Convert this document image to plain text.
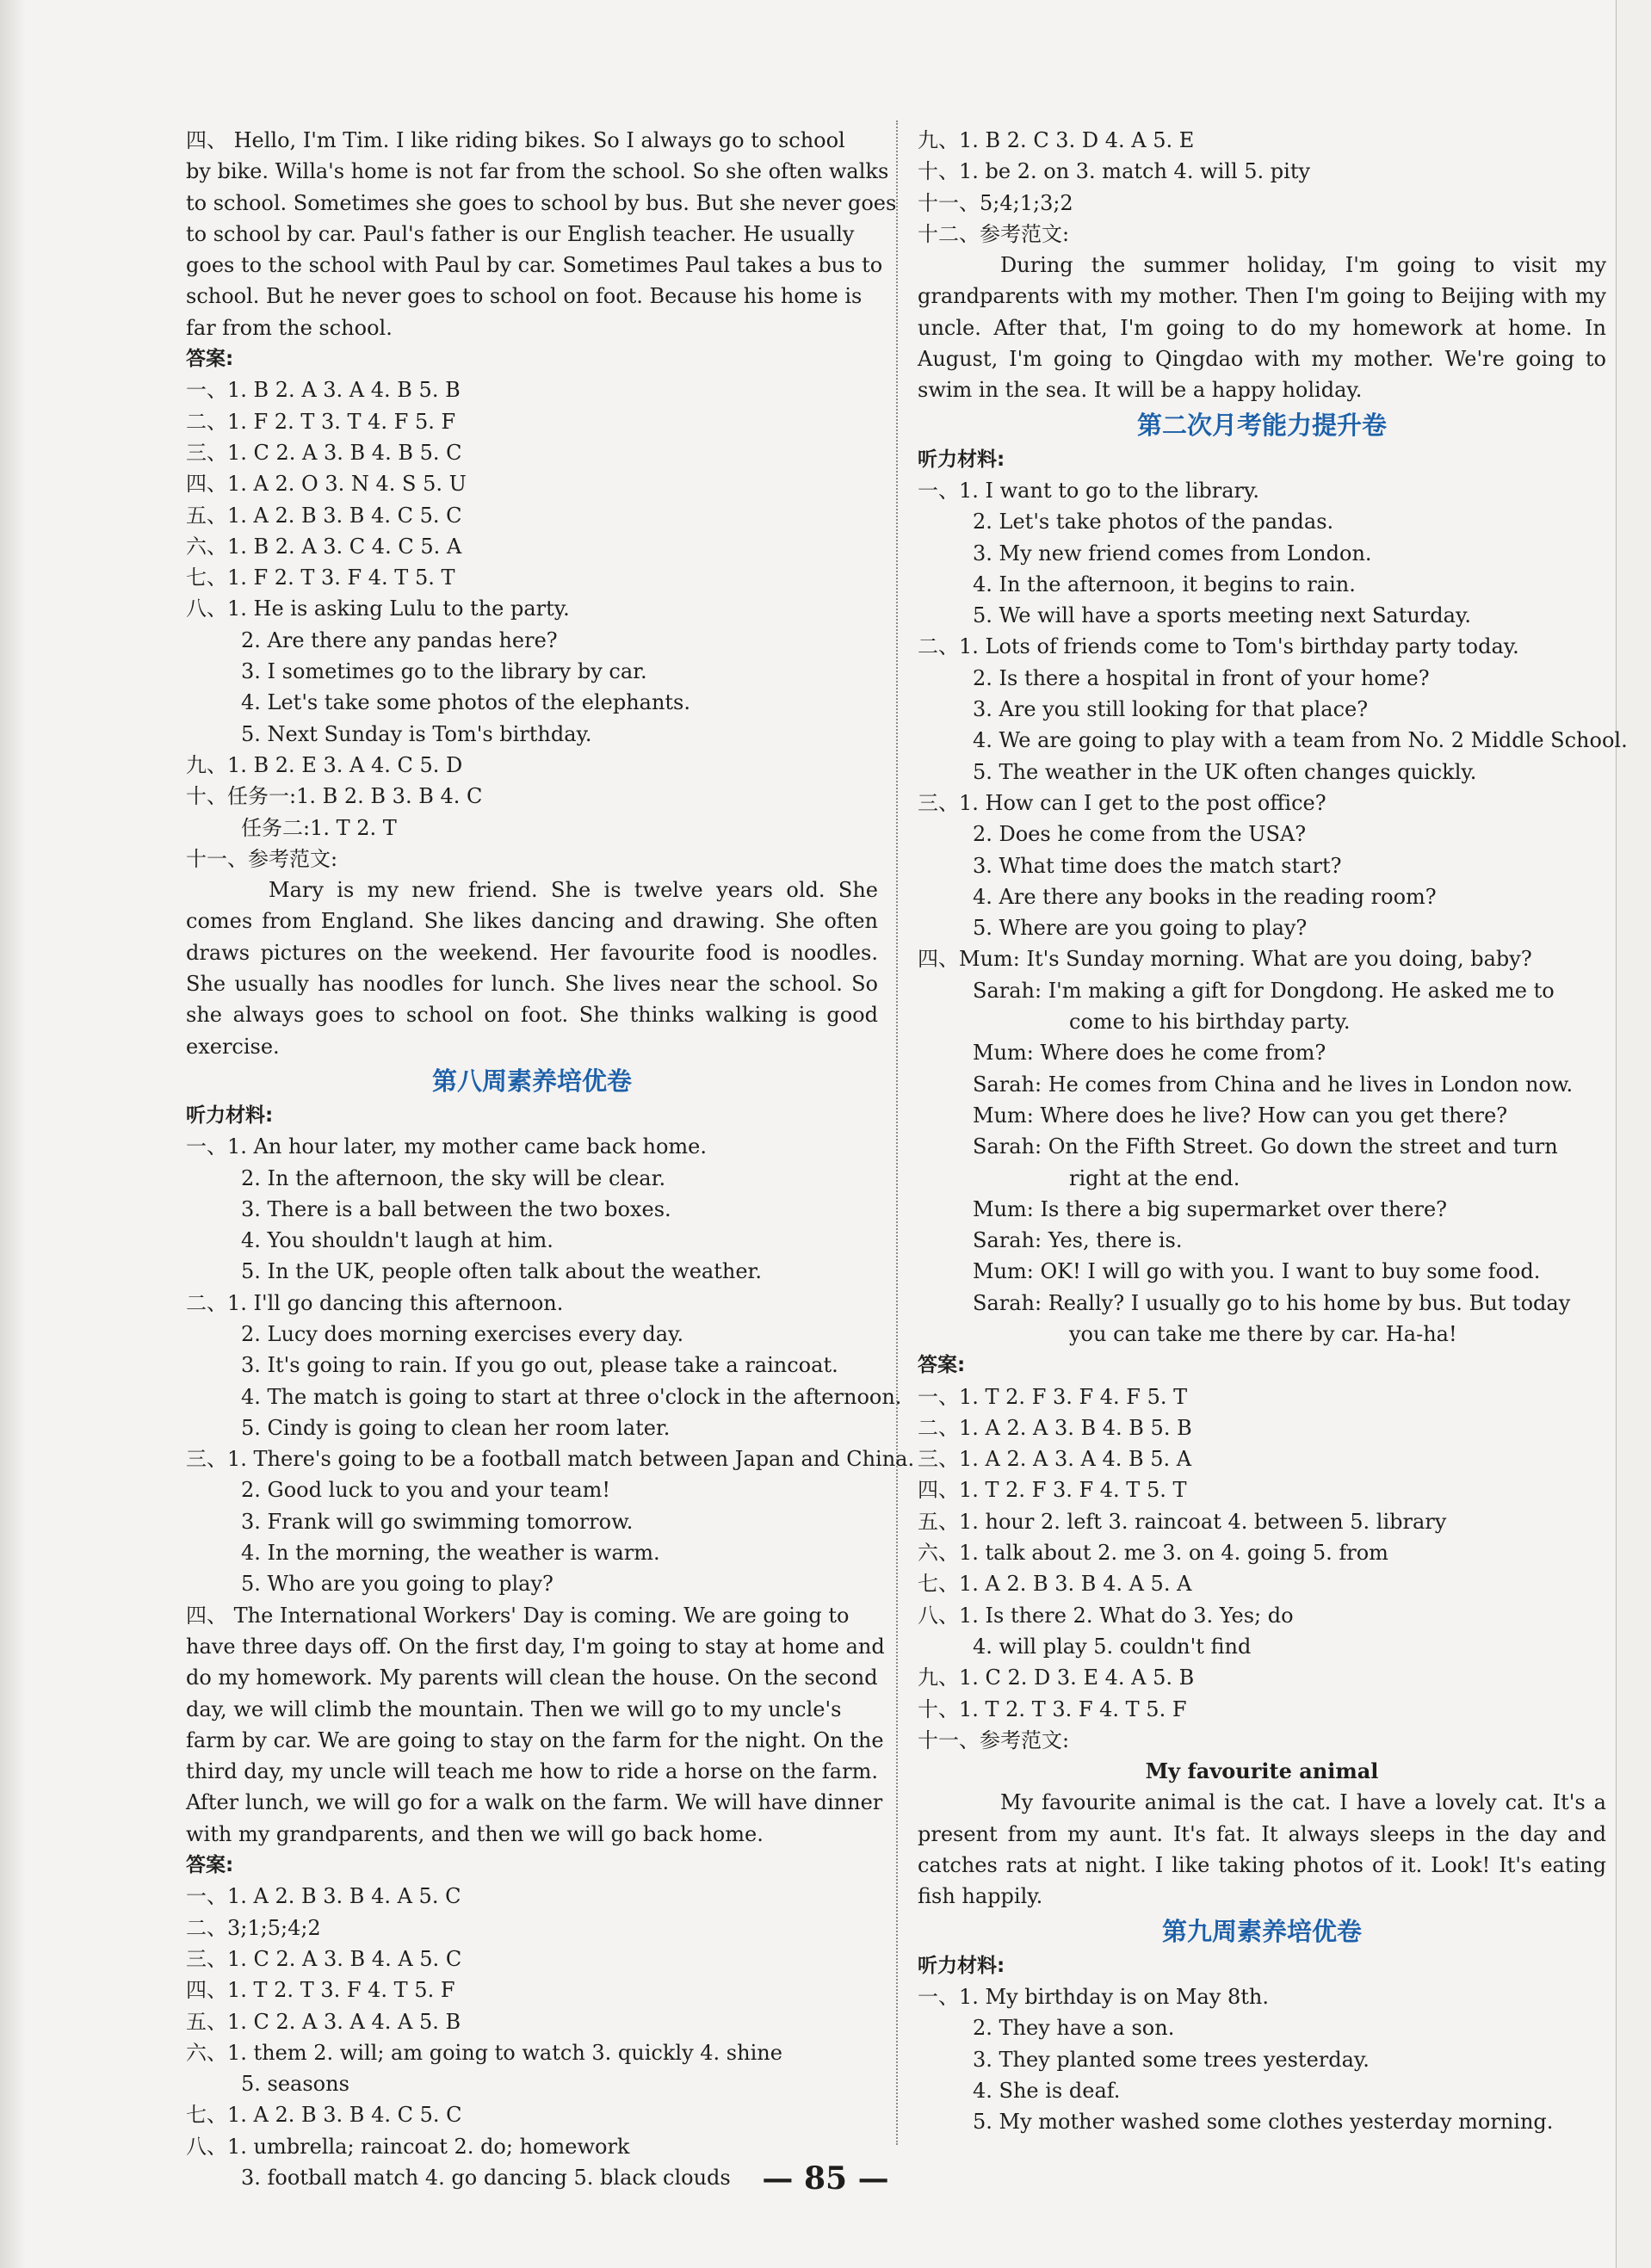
四、 Hello, I'm Tim. I like riding bikes. So I always go to school
by bike. Willa's home is not far from the school. So she often walks
to school. Sometimes she goes to school by bus. But she never goes
to school by car. Paul's father is our English teacher. He usually
goes to the school with Paul by car. Sometimes Paul takes a bus to
school. But he never goes to school on foot. Because his home is
far from the school.
答案:
一、1. B 2. A 3. A 4. B 5. B
二、1. F 2. T 3. T 4. F 5. F
三、1. C 2. A 3. B 4. B 5. C
四、1. A 2. O 3. N 4. S 5. U
五、1. A 2. B 3. B 4. C 5. C
六、1. B 2. A 3. C 4. C 5. A
七、1. F 2. T 3. F 4. T 5. T
八、1. He is asking Lulu to the party.
2. Are there any pandas here?
3. I sometimes go to the library by car.
4. Let's take some photos of the elephants.
5. Next Sunday is Tom's birthday.
九、1. B 2. E 3. A 4. C 5. D
十、任务一:1. B 2. B 3. B 4. C
任务二:1. T 2. T
十一、参考范文:
Mary is my new friend. She is twelve years old. She comes from England. She likes dancing and drawing. She often draws pictures on the weekend. Her favourite food is noodles. She usually has noodles for lunch. She lives near the school. So she always goes to school on foot. She thinks walking is good exercise.
第八周素养培优卷
听力材料:
一、1. An hour later, my mother came back home.
2. In the afternoon, the sky will be clear.
3. There is a ball between the two boxes.
4. You shouldn't laugh at him.
5. In the UK, people often talk about the weather.
二、1. I'll go dancing this afternoon.
2. Lucy does morning exercises every day.
3. It's going to rain. If you go out, please take a raincoat.
4. The match is going to start at three o'clock in the afternoon.
5. Cindy is going to clean her room later.
三、1. There's going to be a football match between Japan and China.
2. Good luck to you and your team!
3. Frank will go swimming tomorrow.
4. In the morning, the weather is warm.
5. Who are you going to play?
四、 The International Workers' Day is coming. We are going to
have three days off. On the first day, I'm going to stay at home and
do my homework. My parents will clean the house. On the second
day, we will climb the mountain. Then we will go to my uncle's
farm by car. We are going to stay on the farm for the night. On the
third day, my uncle will teach me how to ride a horse on the farm.
After lunch, we will go for a walk on the farm. We will have dinner
with my grandparents, and then we will go back home.
答案:
一、1. A 2. B 3. B 4. A 5. C
二、3;1;5;4;2
三、1. C 2. A 3. B 4. A 5. C
四、1. T 2. T 3. F 4. T 5. F
五、1. C 2. A 3. A 4. A 5. B
六、1. them 2. will; am going to watch 3. quickly 4. shine
5. seasons
七、1. A 2. B 3. B 4. C 5. C
八、1. umbrella; raincoat 2. do; homework
3. football match 4. go dancing 5. black clouds
九、1. B 2. C 3. D 4. A 5. E
十、1. be 2. on 3. match 4. will 5. pity
十一、5;4;1;3;2
十二、参考范文:
During the summer holiday, I'm going to visit my grandparents with my mother. Then I'm going to Beijing with my uncle. After that, I'm going to do my homework at home. In August, I'm going to Qingdao with my mother. We're going to swim in the sea. It will be a happy holiday.
第二次月考能力提升卷
听力材料:
一、1. I want to go to the library.
2. Let's take photos of the pandas.
3. My new friend comes from London.
4. In the afternoon, it begins to rain.
5. We will have a sports meeting next Saturday.
二、1. Lots of friends come to Tom's birthday party today.
2. Is there a hospital in front of your home?
3. Are you still looking for that place?
4. We are going to play with a team from No. 2 Middle School.
5. The weather in the UK often changes quickly.
三、1. How can I get to the post office?
2. Does he come from the USA?
3. What time does the match start?
4. Are there any books in the reading room?
5. Where are you going to play?
四、Mum: It's Sunday morning. What are you doing, baby?
Sarah: I'm making a gift for Dongdong. He asked me to come to his birthday party.
Mum: Where does he come from?
Sarah: He comes from China and he lives in London now.
Mum: Where does he live? How can you get there?
Sarah: On the Fifth Street. Go down the street and turn right at the end.
Mum: Is there a big supermarket over there?
Sarah: Yes, there is.
Mum: OK! I will go with you. I want to buy some food.
Sarah: Really? I usually go to his home by bus. But today you can take me there by car. Ha-ha!
答案:
一、1. T 2. F 3. F 4. F 5. T
二、1. A 2. A 3. B 4. B 5. B
三、1. A 2. A 3. A 4. B 5. A
四、1. T 2. F 3. F 4. T 5. T
五、1. hour 2. left 3. raincoat 4. between 5. library
六、1. talk about 2. me 3. on 4. going 5. from
七、1. A 2. B 3. B 4. A 5. A
八、1. Is there 2. What do 3. Yes; do
4. will play 5. couldn't find
九、1. C 2. D 3. E 4. A 5. B
十、1. T 2. T 3. F 4. T 5. F
十一、参考范文:
My favourite animal
My favourite animal is the cat. I have a lovely cat. It's a present from my aunt. It's fat. It always sleeps in the day and catches rats at night. I like taking photos of it. Look! It's eating fish happily.
第九周素养培优卷
听力材料:
一、1. My birthday is on May 8th.
2. They have a son.
3. They planted some trees yesterday.
4. She is deaf.
5. My mother washed some clothes yesterday morning.
— 85 —
